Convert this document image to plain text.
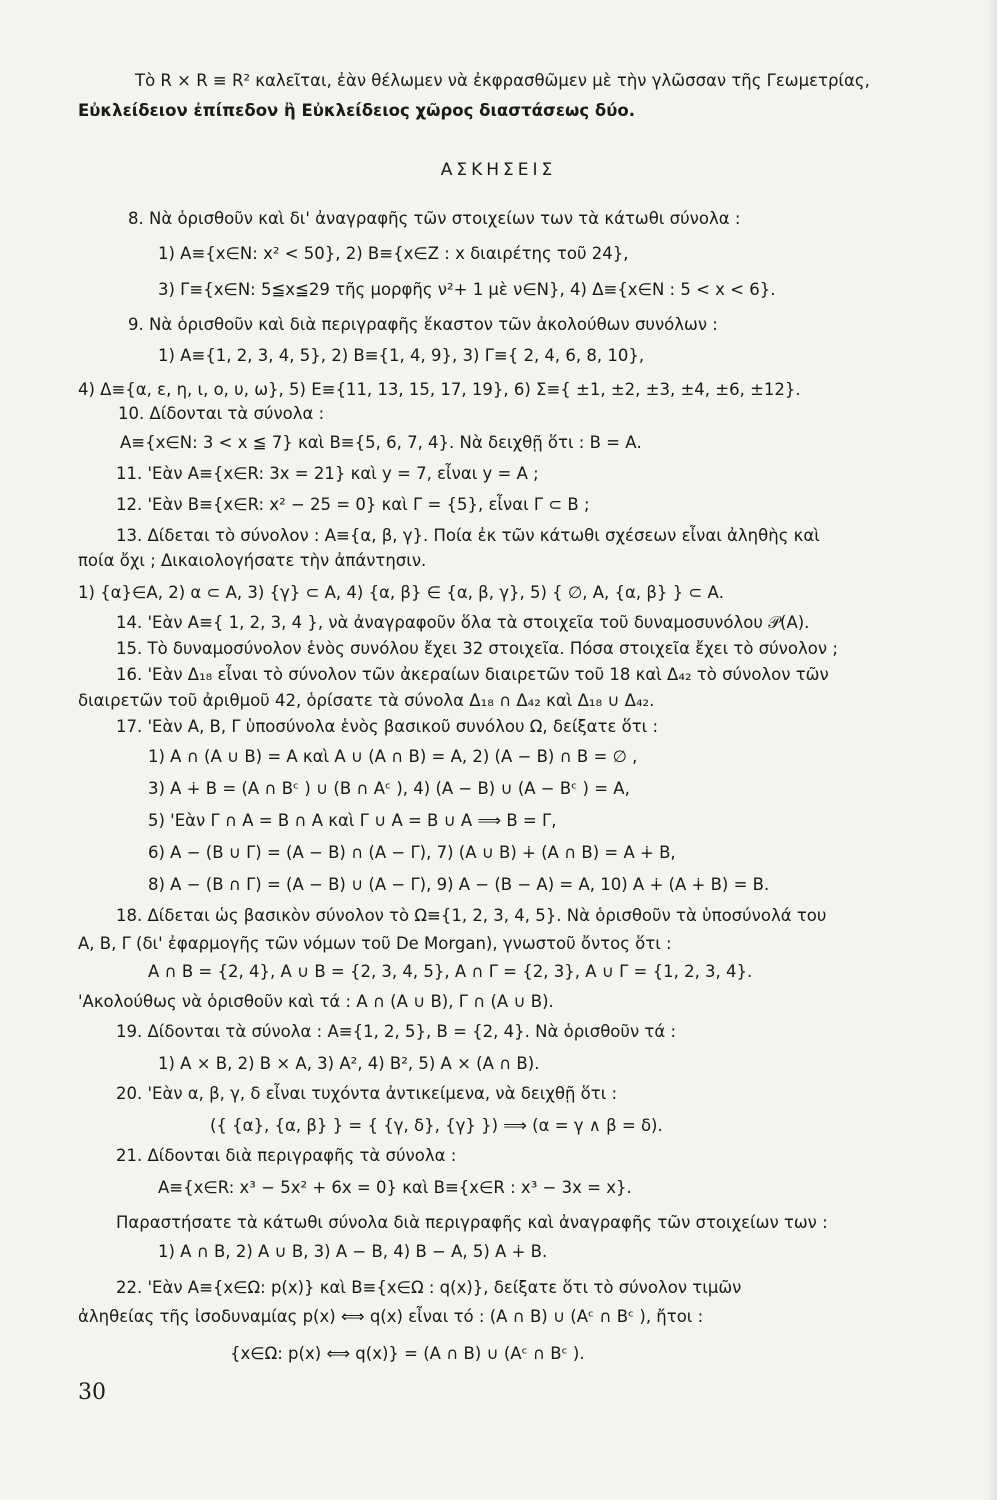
Τὸ R × R ≡ R² καλεῖται, ἐὰν θέλωμεν νὰ ἐκφρασθῶμεν μὲ τὴν γλῶσσαν τῆς Γεωμετρίας,
Εὐκλείδειον ἐπίπεδον ἢ Εὐκλείδειος χῶρος διαστάσεως δύο.
ΑΣΚΗΣΕΙΣ
8. Νὰ ὁρισθοῦν καὶ δι' ἀναγραφῆς τῶν στοιχείων των τὰ κάτωθι σύνολα :
1) Α≡{x∈N: x² < 50}, 2) Β≡{x∈Z : x διαιρέτης τοῦ 24},
3) Γ≡{x∈N: 5≦x≦29 τῆς μορφῆς ν²+ 1 μὲ ν∈N}, 4) Δ≡{x∈N : 5 < x < 6}.
9. Νὰ ὁρισθοῦν καὶ διὰ περιγραφῆς ἕκαστον τῶν ἀκολούθων συνόλων :
1) Α≡{1, 2, 3, 4, 5}, 2) Β≡{1, 4, 9}, 3) Γ≡{ 2, 4, 6, 8, 10},
4) Δ≡{α, ε, η, ι, ο, υ, ω}, 5) Ε≡{11, 13, 15, 17, 19}, 6) Σ≡{ ±1, ±2, ±3, ±4, ±6, ±12}.
10. Δίδονται τὰ σύνολα :
Α≡{x∈N: 3 < x ≦ 7} καὶ Β≡{5, 6, 7, 4}. Νὰ δειχθῇ ὅτι : Β = Α.
11. 'Εὰν Α≡{x∈R: 3x = 21} καὶ y = 7, εἶναι y = Α ;
12. 'Εὰν Β≡{x∈R: x² − 25 = 0} καὶ Γ = {5}, εἶναι Γ ⊂ Β ;
13. Δίδεται τὸ σύνολον : Α≡{α, β, γ}. Ποία ἐκ τῶν κάτωθι σχέσεων εἶναι ἀληθὴς καὶ
ποία ὄχι ; Δικαιολογήσατε τὴν ἀπάντησιν.
1) {α}∈Α, 2) α ⊂ Α, 3) {γ} ⊂ Α, 4) {α, β} ∈ {α, β, γ}, 5) { ∅, Α, {α, β} } ⊂ Α.
14. 'Εὰν Α≡{ 1, 2, 3, 4 }, νὰ ἀναγραφοῦν ὅλα τὰ στοιχεῖα τοῦ δυναμοσυνόλου 𝒫(Α).
15. Τὸ δυναμοσύνολον ἑνὸς συνόλου ἔχει 32 στοιχεῖα. Πόσα στοιχεῖα ἔχει τὸ σύνολον ;
16. 'Εὰν Δ₁₈ εἶναι τὸ σύνολον τῶν ἀκεραίων διαιρετῶν τοῦ 18 καὶ Δ₄₂ τὸ σύνολον τῶν
διαιρετῶν τοῦ ἀριθμοῦ 42, ὁρίσατε τὰ σύνολα Δ₁₈ ∩ Δ₄₂ καὶ Δ₁₈ ∪ Δ₄₂.
17. 'Εὰν Α, Β, Γ ὑποσύνολα ἑνὸς βασικοῦ συνόλου Ω, δείξατε ὅτι :
1) Α ∩ (Α ∪ Β) = Α καὶ Α ∪ (Α ∩ Β) = Α, 2) (Α − Β) ∩ Β = ∅ ,
3) Α ∔ Β = (Α ∩ Βᶜ ) ∪ (Β ∩ Αᶜ ), 4) (Α − Β) ∪ (Α − Βᶜ ) = Α,
5) 'Εὰν Γ ∩ Α = Β ∩ Α καὶ Γ ∪ Α = Β ∪ Α ⟹ Β = Γ,
6) Α − (Β ∪ Γ) = (Α − Β) ∩ (Α − Γ), 7) (Α ∪ Β) ∔ (Α ∩ Β) = Α ∔ Β,
8) Α − (Β ∩ Γ) = (Α − Β) ∪ (Α − Γ), 9) Α − (Β − Α) = Α, 10) Α ∔ (Α ∔ Β) = Β.
18. Δίδεται ὡς βασικὸν σύνολον τὸ Ω≡{1, 2, 3, 4, 5}. Νὰ ὁρισθοῦν τὰ ὑποσύνολά του
Α, Β, Γ (δι' ἐφαρμογῆς τῶν νόμων τοῦ De Morgan), γνωστοῦ ὄντος ὅτι :
Α ∩ Β = {2, 4}, Α ∪ Β = {2, 3, 4, 5}, Α ∩ Γ = {2, 3}, Α ∪ Γ = {1, 2, 3, 4}.
'Ακολούθως νὰ ὁρισθοῦν καὶ τά : Α ∩ (Α ∪ Β), Γ ∩ (Α ∪ Β).
19. Δίδονται τὰ σύνολα : Α≡{1, 2, 5}, Β = {2, 4}. Νὰ ὁρισθοῦν τά :
1) Α × Β, 2) Β × Α, 3) Α², 4) Β², 5) Α × (Α ∩ Β).
20. 'Εὰν α, β, γ, δ εἶναι τυχόντα ἀντικείμενα, νὰ δειχθῇ ὅτι :
({ {α}, {α, β} } = { {γ, δ}, {γ} }) ⟹ (α = γ ∧ β = δ).
21. Δίδονται διὰ περιγραφῆς τὰ σύνολα :
Α≡{x∈R: x³ − 5x² + 6x = 0} καὶ Β≡{x∈R : x³ − 3x = x}.
Παραστήσατε τὰ κάτωθι σύνολα διὰ περιγραφῆς καὶ ἀναγραφῆς τῶν στοιχείων των :
1) Α ∩ Β, 2) Α ∪ Β, 3) Α − Β, 4) Β − Α, 5) Α ∔ Β.
22. 'Εὰν Α≡{x∈Ω: p(x)} καὶ Β≡{x∈Ω : q(x)}, δείξατε ὅτι τὸ σύνολον τιμῶν
ἀληθείας τῆς ἰσοδυναμίας p(x) ⟺ q(x) εἶναι τό : (Α ∩ Β) ∪ (Αᶜ ∩ Βᶜ ), ἤτοι :
{x∈Ω: p(x) ⟺ q(x)} = (Α ∩ Β) ∪ (Αᶜ ∩ Βᶜ ).
30
